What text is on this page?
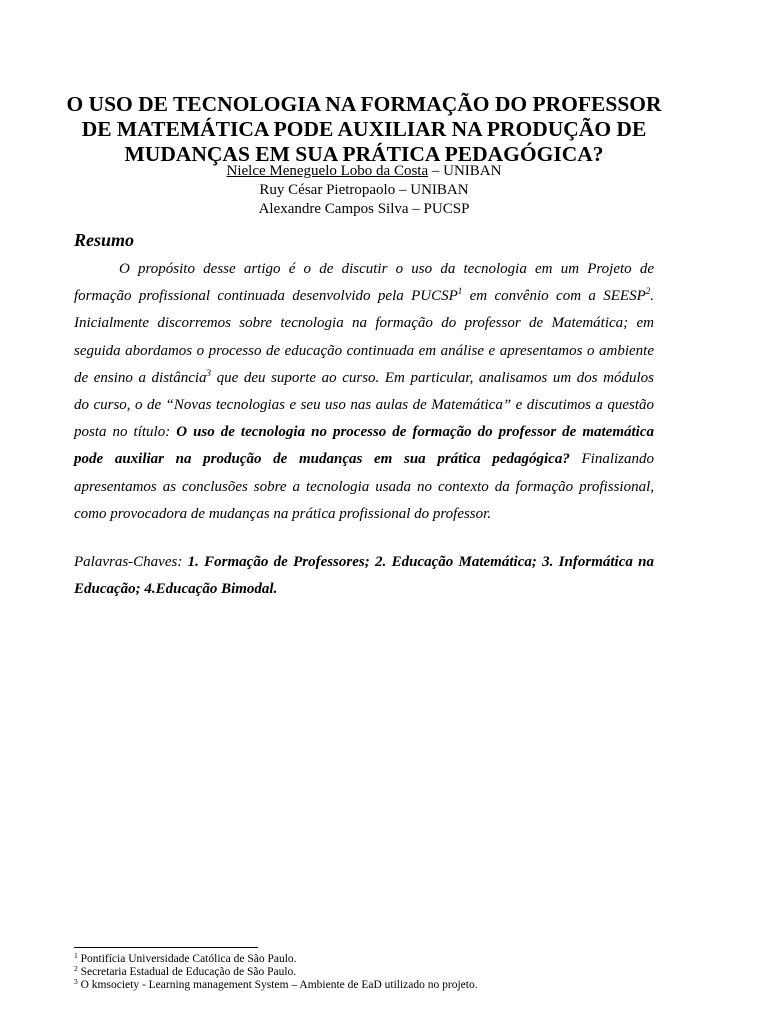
O USO DE TECNOLOGIA NA FORMAÇÃO DO PROFESSOR
DE MATEMÁTICA PODE AUXILIAR NA PRODUÇÃO DE
MUDANÇAS EM SUA PRÁTICA PEDAGÓGICA?
Nielce Meneguelo Lobo da Costa – UNIBAN
Ruy César Pietropaolo – UNIBAN
Alexandre Campos Silva – PUCSP
Resumo
O propósito desse artigo é o de discutir o uso da tecnologia em um Projeto de
formação profissional continuada desenvolvido pela PUCSP$^1$ em convênio com a SEESP$^2$.
Inicialmente discorremos sobre tecnologia na formação do professor de Matemática; em
seguida abordamos o processo de educação continuada em análise e apresentamos o ambiente
de ensino a distância$^3$ que deu suporte ao curso. Em particular, analisamos um dos módulos
do curso, o de “Novas tecnologias e seu uso nas aulas de Matemática” e discutimos a questão
posta no título: O uso de tecnologia no processo de formação do professor de matemática
pode auxiliar na produção de mudanças em sua prática pedagógica? Finalizando
apresentamos as conclusões sobre a tecnologia usada no contexto da formação profissional,
como provocadora de mudanças na prática profissional do professor.
Palavras-Chaves: 1. Formação de Professores; 2. Educação Matemática; 3. Informática na
Educação; 4.Educação Bimodal.
$^1$ Pontifícia Universidade Católica de São Paulo.
$^2$ Secretaria Estadual de Educação de São Paulo.
$^3$ O kmsociety - Learning management System – Ambiente de EaD utilizado no projeto.
